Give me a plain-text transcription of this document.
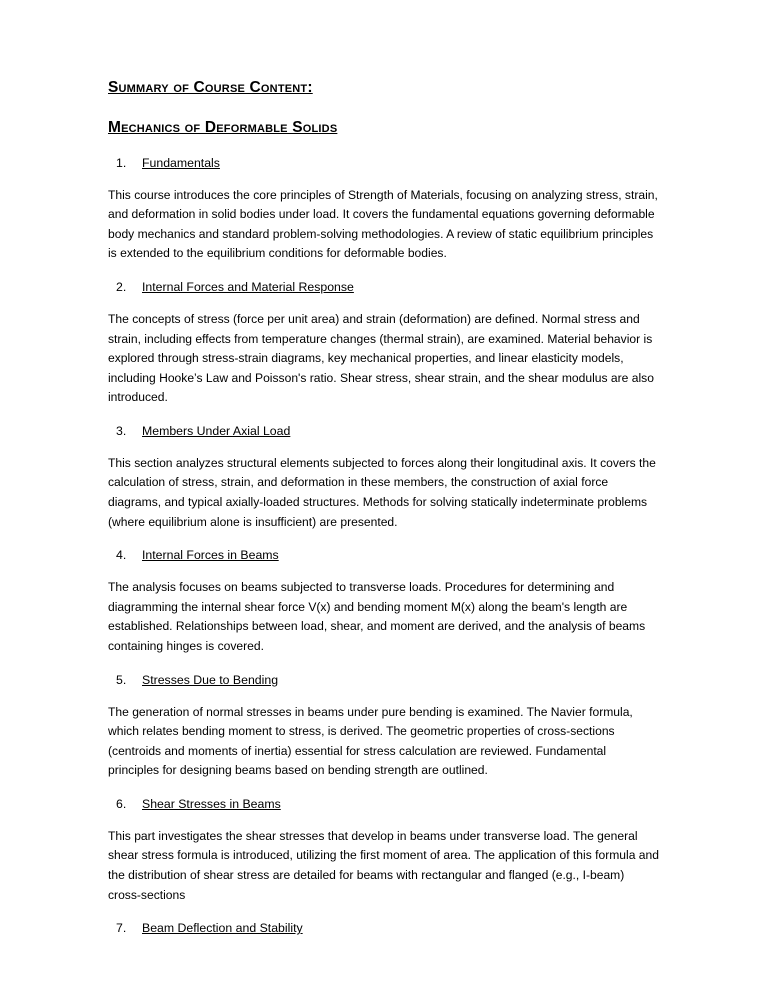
Summary of Course Content:
Mechanics of Deformable Solids
1. Fundamentals

This course introduces the core principles of Strength of Materials, focusing on analyzing stress, strain, and deformation in solid bodies under load. It covers the fundamental equations governing deformable body mechanics and standard problem-solving methodologies. A review of static equilibrium principles is extended to the equilibrium conditions for deformable bodies.

2. Internal Forces and Material Response

The concepts of stress (force per unit area) and strain (deformation) are defined. Normal stress and strain, including effects from temperature changes (thermal strain), are examined. Material behavior is explored through stress-strain diagrams, key mechanical properties, and linear elasticity models, including Hooke’s Law and Poisson's ratio. Shear stress, shear strain, and the shear modulus are also introduced.

3. Members Under Axial Load

This section analyzes structural elements subjected to forces along their longitudinal axis. It covers the calculation of stress, strain, and deformation in these members, the construction of axial force diagrams, and typical axially-loaded structures. Methods for solving statically indeterminate problems (where equilibrium alone is insufficient) are presented.

4. Internal Forces in Beams

The analysis focuses on beams subjected to transverse loads. Procedures for determining and diagramming the internal shear force V(x) and bending moment M(x) along the beam's length are established. Relationships between load, shear, and moment are derived, and the analysis of beams containing hinges is covered.

5. Stresses Due to Bending

The generation of normal stresses in beams under pure bending is examined. The Navier formula, which relates bending moment to stress, is derived. The geometric properties of cross-sections (centroids and moments of inertia) essential for stress calculation are reviewed. Fundamental principles for designing beams based on bending strength are outlined.

6. Shear Stresses in Beams

This part investigates the shear stresses that develop in beams under transverse load. The general shear stress formula is introduced, utilizing the first moment of area. The application of this formula and the distribution of shear stress are detailed for beams with rectangular and flanged (e.g., I-beam) cross-sections

7. Beam Deflection and Stability
